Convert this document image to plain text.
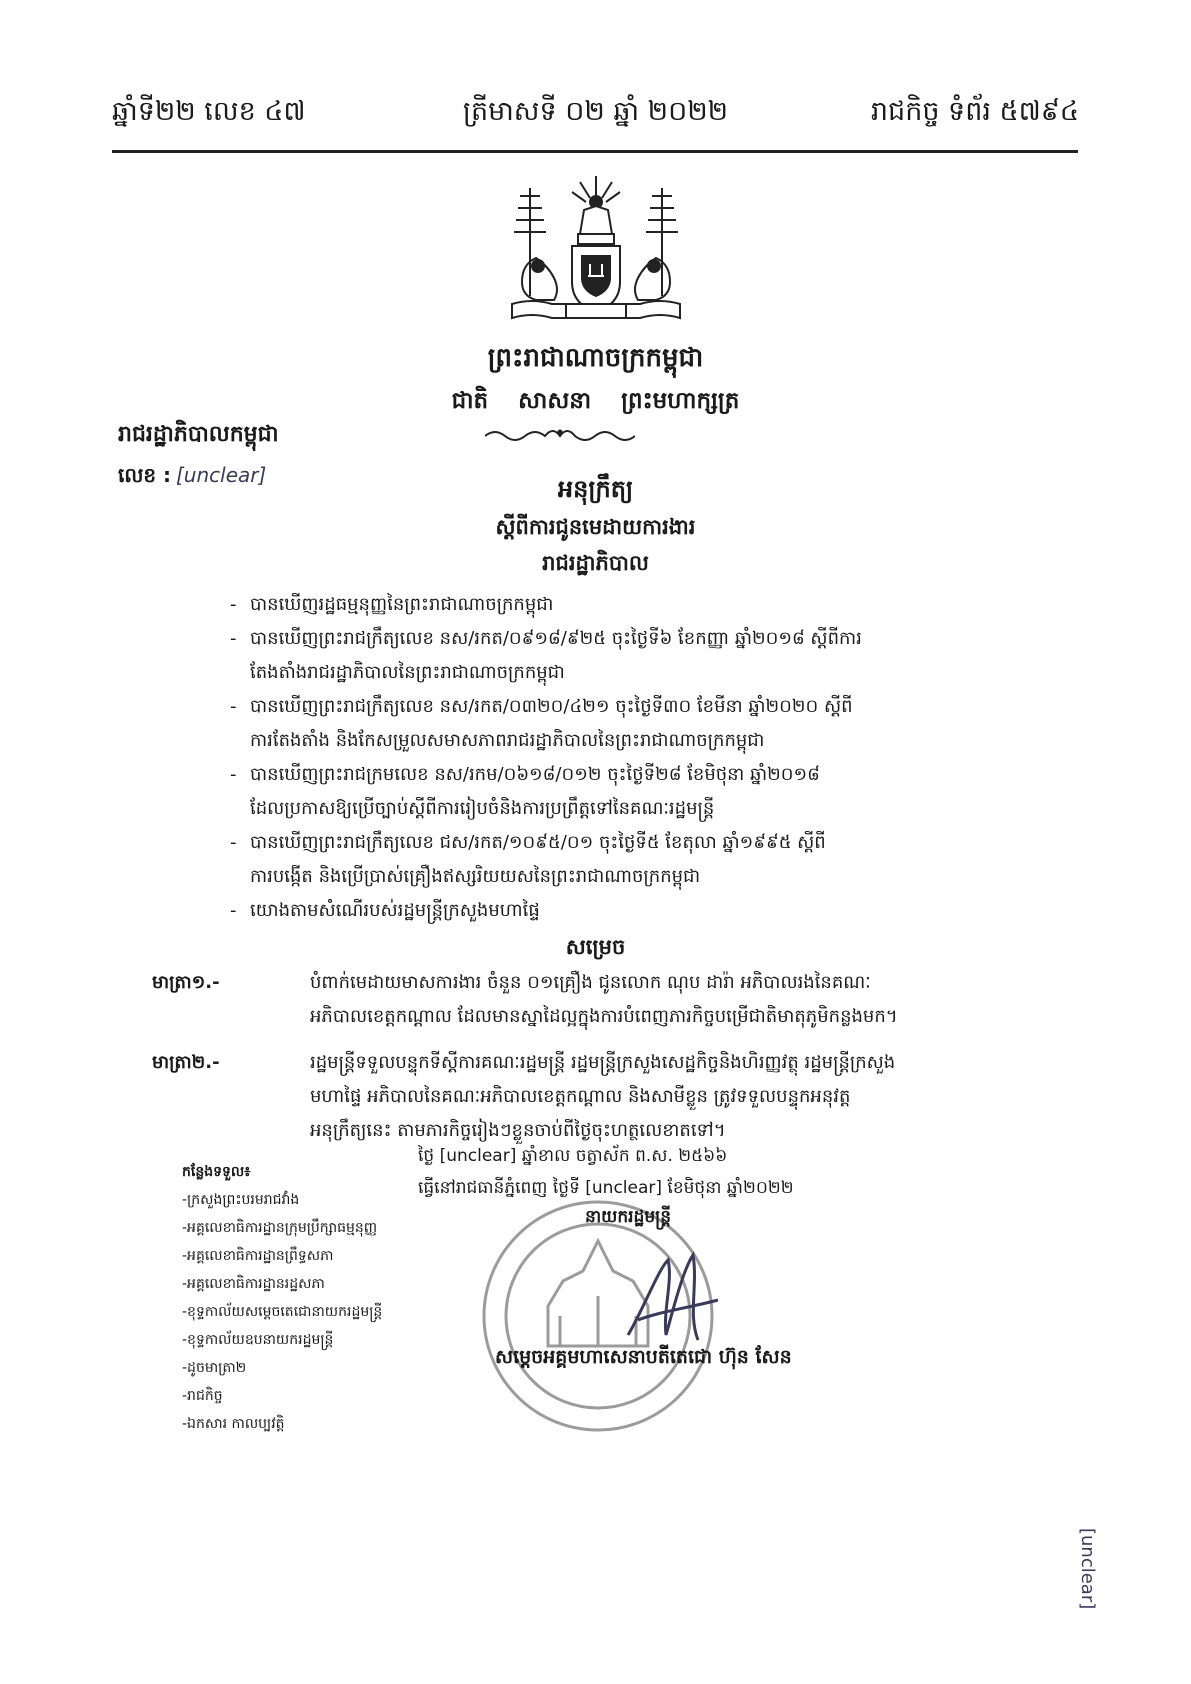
ឆ្នាំទី២២ លេខ ៤៧	ត្រីមាសទី ០២ ឆ្នាំ ២០២២	រាជកិច្ច ទំព័រ ៥៧៩៤
ព្រះរាជាណាចក្រកម្ពុជា
ជាតិ សាសនា ព្រះមហាក្សត្រ
រាជរដ្ឋាភិបាលកម្ពុជា
លេខ : [unclear]	អនុក្រឹត្យ
ស្តីពីការជូនមេដាយការងារ
រាជរដ្ឋាភិបាល
- បានឃើញរដ្ឋធម្មនុញ្ញនៃព្រះរាជាណាចក្រកម្ពុជា
- បានឃើញព្រះរាជក្រឹត្យលេខ នស/រកត/០៩១៨/៩២៥ ចុះថ្ងៃទី៦ ខែកញ្ញា ឆ្នាំ២០១៨ ស្តីពីការ
តែងតាំងរាជរដ្ឋាភិបាលនៃព្រះរាជាណាចក្រកម្ពុជា
- បានឃើញព្រះរាជក្រឹត្យលេខ នស/រកត/០៣២០/៤២១ ចុះថ្ងៃទី៣០ ខែមីនា ឆ្នាំ២០២០ ស្តីពី
ការតែងតាំង និងកែសម្រួលសមាសភាពរាជរដ្ឋាភិបាលនៃព្រះរាជាណាចក្រកម្ពុជា
- បានឃើញព្រះរាជក្រមលេខ នស/រកម/០៦១៨/០១២ ចុះថ្ងៃទី២៨ ខែមិថុនា ឆ្នាំ២០១៨
ដែលប្រកាសឱ្យប្រើច្បាប់ស្តីពីការរៀបចំនិងការប្រព្រឹត្តទៅនៃគណៈរដ្ឋមន្ត្រី
- បានឃើញព្រះរាជក្រឹត្យលេខ ជស/រកត/១០៩៥/០១ ចុះថ្ងៃទី៥ ខែតុលា ឆ្នាំ១៩៩៥ ស្តីពី
ការបង្កើត និងប្រើប្រាស់គ្រឿងឥស្សរិយយសនៃព្រះរាជាណាចក្រកម្ពុជា
- យោងតាមសំណើរបស់រដ្ឋមន្ត្រីក្រសួងមហាផ្ទៃ
សម្រេច
មាត្រា១.-	បំពាក់មេដាយមាសការងារ ចំនួន ០១គ្រឿង ជូនលោក ណុប ដារ៉ា អភិបាលរងនៃគណៈ
អភិបាលខេត្តកណ្តាល ដែលមានស្នាដៃល្អក្នុងការបំពេញភារកិច្ចបម្រើជាតិមាតុភូមិកន្លងមក។
មាត្រា២.-	រដ្ឋមន្ត្រីទទួលបន្ទុកទីស្តីការគណៈរដ្ឋមន្ត្រី រដ្ឋមន្ត្រីក្រសួងសេដ្ឋកិច្ចនិងហិរញ្ញវត្ថុ រដ្ឋមន្ត្រីក្រសួង
មហាផ្ទៃ អភិបាលនៃគណៈអភិបាលខេត្តកណ្តាល និងសាមីខ្លួន ត្រូវទទួលបន្ទុកអនុវត្ត
អនុក្រឹត្យនេះ តាមភារកិច្ចរៀងៗខ្លួនចាប់ពីថ្ងៃចុះហត្ថលេខាតទៅ។
ថ្ងៃ [unclear] ឆ្នាំខាល ចត្វាស័ក ព.ស. ២៥៦៦
ធ្វើនៅរាជធានីភ្នំពេញ ថ្ងៃទី [unclear] ខែមិថុនា ឆ្នាំ២០២២
នាយករដ្ឋមន្ត្រី
សម្តេចអគ្គមហាសេនាបតីតេជោ ហ៊ុន សែន
កន្លែងទទួល៖
-ក្រសួងព្រះបរមរាជវាំង
-អគ្គលេខាធិការដ្ឋានក្រុមប្រឹក្សាធម្មនុញ្ញ
-អគ្គលេខាធិការដ្ឋានព្រឹទ្ធសភា
-អគ្គលេខាធិការដ្ឋានរដ្ឋសភា
-ខុទ្ទកាល័យសម្តេចតេជោនាយករដ្ឋមន្ត្រី
-ខុទ្ទកាល័យឧបនាយករដ្ឋមន្ត្រី
-ដូចមាត្រា២
-រាជកិច្ច
-ឯកសារ កាលប្បវត្តិ
[unclear]
